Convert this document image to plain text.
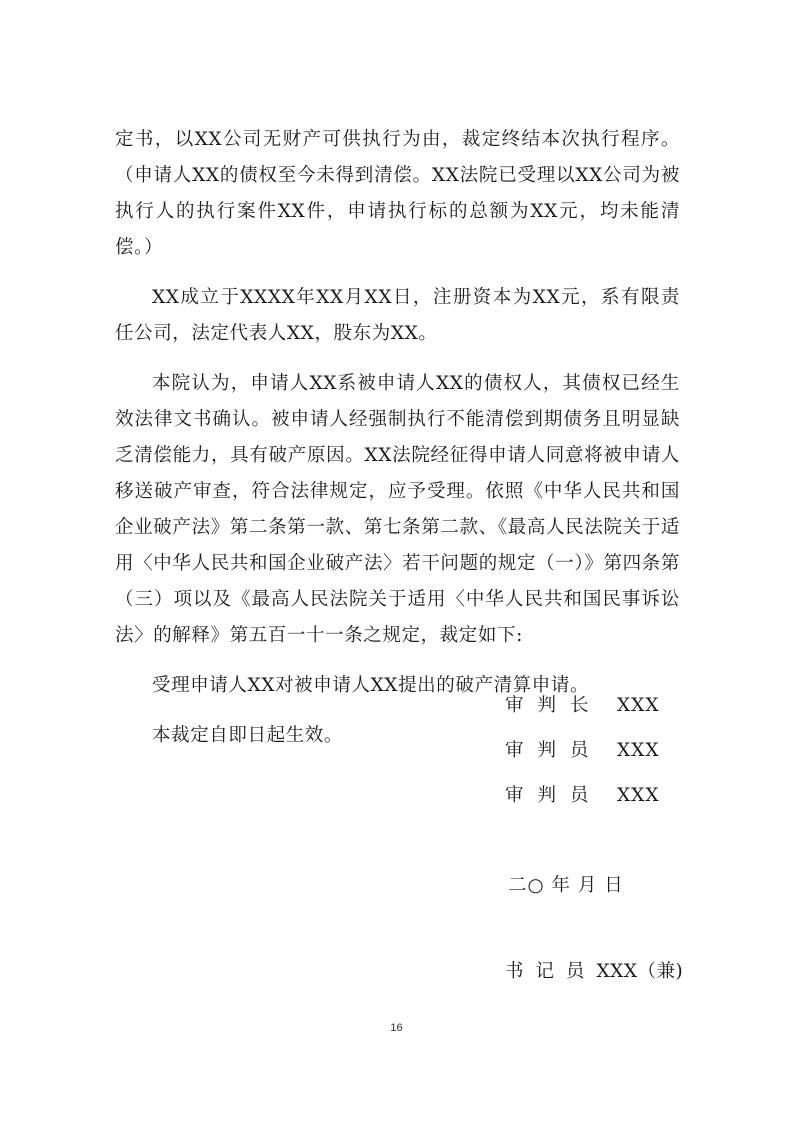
定书，以XX公司无财产可供执行为由，裁定终结本次执行程序。（申请人XX的债权至今未得到清偿。XX法院已受理以XX公司为被执行人的执行案件XX件，申请执行标的总额为XX元，均未能清偿。）

XX成立于XXXX年XX月XX日，注册资本为XX元，系有限责任公司，法定代表人XX，股东为XX。

本院认为，申请人XX系被申请人XX的债权人，其债权已经生效法律文书确认。被申请人经强制执行不能清偿到期债务且明显缺乏清偿能力，具有破产原因。XX法院经征得申请人同意将被申请人移送破产审查，符合法律规定，应予受理。依照《中华人民共和国企业破产法》第二条第一款、第七条第二款、《最高人民法院关于适用〈中华人民共和国企业破产法〉若干问题的规定（一）》第四条第（三）项以及《最高人民法院关于适用〈中华人民共和国民事诉讼法〉的解释》第五百一十一条之规定，裁定如下:

受理申请人XX对被申请人XX提出的破产清算申请。

本裁定自即日起生效。

审判长 XXX
审判员 XXX
审判员 XXX
二○ 年 月 日
书记员XXX（兼)
16
